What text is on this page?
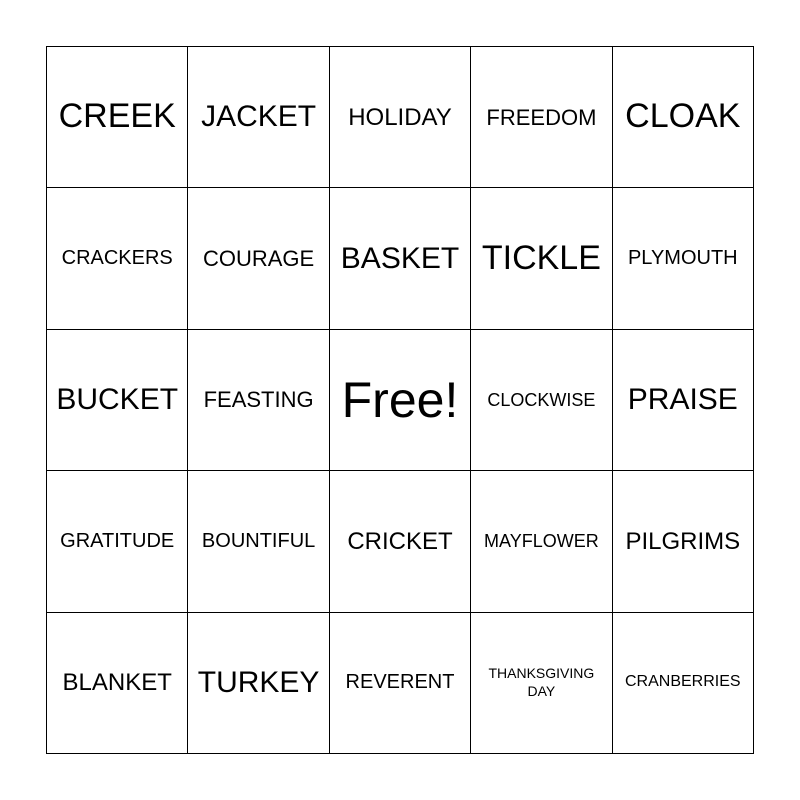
CREEK JACKET HOLIDAY FREEDOM CLOAK
CRACKERS COURAGE BASKET TICKLE PLYMOUTH
BUCKET FEASTING Free! CLOCKWISE PRAISE
GRATITUDE BOUNTIFUL CRICKET MAYFLOWER PILGRIMS
BLANKET TURKEY REVERENT	THANKSGIVING DAY
CRANBERRIES
